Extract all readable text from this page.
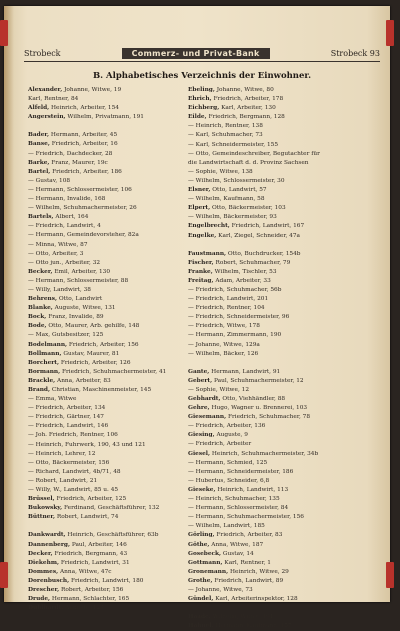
Strobeck	Commerz- und Privat-Bank	Strobeck 93
B. Alphabetisches Verzeichnis der Einwohner.
Alexander, Johanne, Witwe, 19
Karl, Rentner, 84
Alfeld, Heinrich, Arbeiter, 154
Angerstein, Wilhelm, Privatmann, 191
Bader, Hermann, Arbeiter, 45
Banse, Friedrich, Arbeiter, 16
— Friedrich, Dachdecker, 28
Barke, Franz, Maurer, 19c
Bartel, Friedrich, Arbeiter, 186
— Gustav, 108
— Hermann, Schlossermeister, 106
— Hermann, Invalide, 168
— Wilhelm, Schuhmachermeister, 26
Bartels, Albert, 164
— Friedrich, Landwirt, 4
— Hermann, Gemeindevorsteher, 82a
— Minna, Witwe, 87
— Otto, Arbeiter, 3
— Otto jun., Arbeiter, 32
Becker, Emil, Arbeiter, 130
— Hermann, Schlossermeister, 88
— Willy, Landwirt, 38
Behrens, Otto, Landwirt
Blanke, Auguste, Witwe, 131
Bock, Franz, Invalide, 89
Bode, Otto, Maurer, Arb. gehilfe, 148
— Max, Gutsbesitzer, 125
Bodelmann, Friedrich, Arbeiter, 156
Bollmann, Gustav, Maurer, 81
Borchert, Friedrich, Arbeiter, 126
Bormann, Friedrich, Schuhmachermeister, 41
Brackle, Anna, Arbeiter, 83
Brand, Christian, Maschinenmeister, 145
— Emma, Witwe
— Friedrich, Arbeiter, 134
— Friedrich, Gärtner, 147
— Friedrich, Landwirt, 146
— Joh. Friedrich, Rentner, 106
— Heinrich, Fuhrwerk, 190, 43 und 121
— Heinrich, Lehrer, 12
— Otto, Bäckermeister, 156
— Richard, Landwirt, 4b/71, 48
— Robert, Landwirt, 21
— Willy, W., Landwirt, 85 u. 45
Brüssel, Friedrich, Arbeiter, 125
Bukowsky, Ferdinand, Geschäftsführer, 132
Büttner, Robert, Landwirt, 74
Dankwardt, Heinrich, Geschäftsführer, 63b
Dannenberg, Paul, Arbeiter, 146
Decker, Friedrich, Bergmann, 43
Diekehm, Friedrich, Landwirt, 31
Dommes, Anna, Witwe, 47c
Dorenbusch, Friedrich, Landwirt, 180
Drescher, Robert, Arbeiter, 156
Drude, Hermann, Schlachter, 165
Duldhardt, Auguste, 124
Ebeling, Johanne, Witwe, 80
Ehrich, Friedrich, Arbeiter, 178
Eichberg, Karl, Arbeiter, 130
Eilde, Friedrich, Bergmann, 128
— Heinrich, Rentner, 138
— Karl, Schuhmacher, 73
— Karl, Schneidermeister, 155
— Otto, Gemeindeschreiber, Begutachter für
die Landwirtschaft d. d. Provinz Sachsen
— Sophie, Witwe, 138
— Wilhelm, Schlossermeister, 30
Elsner, Otto, Landwirt, 57
— Wilhelm, Kaufmann, 58
Elpert, Otto, Bäckermeister, 103
— Wilhelm, Bäckermeister, 93
Engelbrecht, Friedrich, Landwirt, 167
Engelke, Karl, Ziegel, Schneider, 47a
Faustmann, Otto, Buchdrucker, 154b
Fischer, Robert, Schuhmacher, 79
Franke, Wilhelm, Tischler, 53
Freitag, Adam, Arbeiter, 33
— Friedrich, Schuhmacher, 56b
— Friedrich, Landwirt, 201
— Friedrich, Rentner, 104
— Friedrich, Schneidermeister, 96
— Friedrich, Witwe, 178
— Hermann, Zimmermann, 190
— Johanne, Witwe, 129a
— Wilhelm, Bäcker, 126
Gante, Hermann, Landwirt, 91
Gebert, Paul, Schuhmachermeister, 12
— Sophie, Witwe, 12
Gebhardt, Otto, Viehhändler, 88
Gehre, Hugo, Wagner u. Brennerei, 103
Giesemann, Friedrich, Schuhmacher, 78
— Friedrich, Arbeiter, 136
Giesing, Auguste, 9
— Friedrich, Arbeiter
Giesel, Heinrich, Schuhmachermeister, 34b
— Hermann, Schmied, 125
— Hermann, Schneidermeister, 186
— Hubertus, Schneider, 6,8
Gieseke, Heinrich, Landwirt, 113
— Heinrich, Schuhmacher, 135
— Hermann, Schlossermeister, 84
— Hermann, Schuhmachermeister, 156
— Wilhelm, Landwirt, 185
Görling, Friedrich, Arbeiter, 83
Göthe, Anna, Witwe, 187
Gosebeck, Gustav, 14
Gottmann, Karl, Rentner, 1
Gronemann, Heinrich, Witwe, 29
Grothe, Friedrich, Landwirt, 89
— Johanne, Witwe, 73
Gündel, Karl, Arbeiterinspektor, 128
Haade, Wilhelm, Witwe, 191
Hahnel, Hermann, Kaufmann, 157
